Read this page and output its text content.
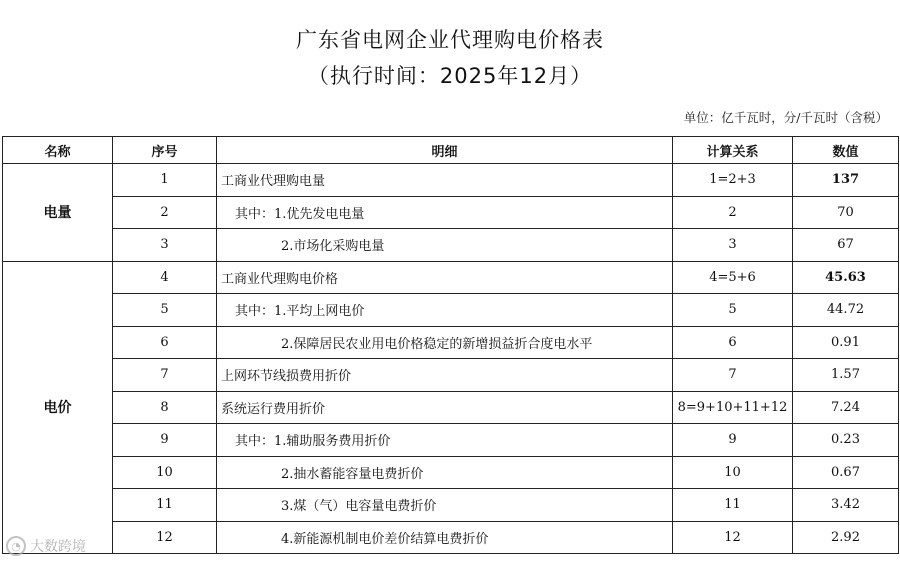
广东省电网企业代理购电价格表
（执行时间：2025年12月）
单位：亿千瓦时，分/千瓦时（含税）
名称	序号	明细	计算关系	数值
电量	1	工商业代理购电量	1=2+3	137
	2	其中：1.优先发电电量	2	70
	3	2.市场化采购电量	3	67
电价	4	工商业代理购电价格	4=5+6	45.63
	5	其中：1.平均上网电价	5	44.72
	6	2.保障居民农业用电价格稳定的新增损益折合度电水平	6	0.91
	7	上网环节线损费用折价	7	1.57
	8	系统运行费用折价	8=9+10+11+12	7.24
	9	其中：1.辅助服务费用折价	9	0.23
	10	2.抽水蓄能容量电费折价	10	0.67
	11	3.煤（气）电容量电费折价	11	3.42
	12	4.新能源机制电价差价结算电费折价	12	2.92
◔ 大数跨境
